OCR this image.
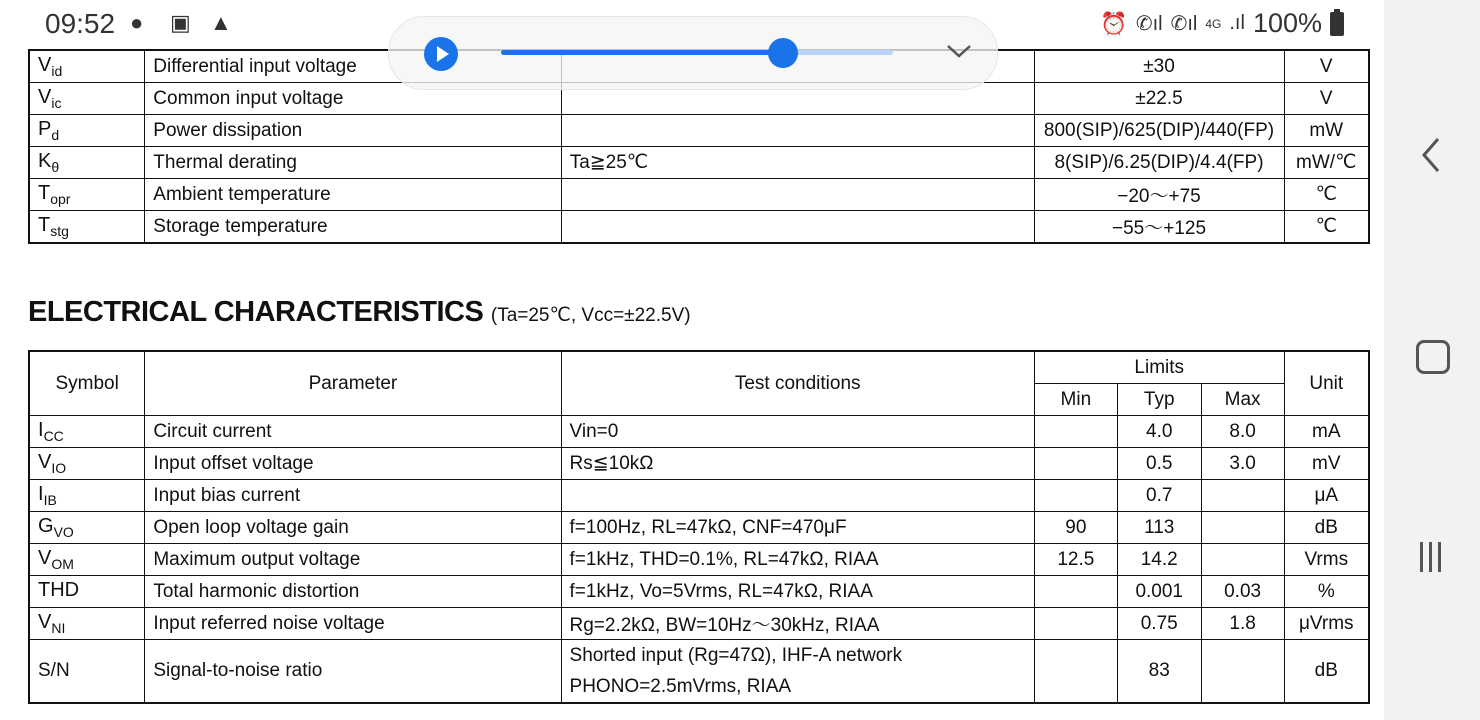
09:52 ● ▣ ▲	⏰ ✆ıl ✆ıl 4G .ıl 100%
$V_{id}$	Differential input voltage		±30	V
$V_{ic}$	Common input voltage		±22.5	V
$P_d$	Power dissipation		800(SIP)/625(DIP)/440(FP)	mW
$K_\theta$	Thermal derating	Ta≧25℃	8(SIP)/6.25(DIP)/4.4(FP)	mW/℃
$T_{opr}$	Ambient temperature		−20～+75	℃
$T_{stg}$	Storage temperature		−55～+125	℃
ELECTRICAL CHARACTERISTICS (Ta=25℃, Vcc=±22.5V)
Symbol	Parameter	Test conditions	Limits			Unit
			Min	Typ	Max	
$I_{CC}$	Circuit current	Vin=0		4.0	8.0	mA
$V_{IO}$	Input offset voltage	Rs≦10kΩ		0.5	3.0	mV
$I_{IB}$	Input bias current			0.7		μA
$G_{VO}$	Open loop voltage gain	f=100Hz, RL=47kΩ, CNF=470μF	90	113		dB
$V_{OM}$	Maximum output voltage	f=1kHz, THD=0.1%, RL=47kΩ, RIAA	12.5	14.2		Vrms
THD	Total harmonic distortion	f=1kHz, Vo=5Vrms, RL=47kΩ, RIAA		0.001	0.03	%
$V_{NI}$	Input referred noise voltage	Rg=2.2kΩ, BW=10Hz～30kHz, RIAA		0.75	1.8	μVrms
S/N	Signal-to-noise ratio	Shorted input (Rg=47Ω), IHF-A network
PHONO=2.5mVrms, RIAA		83		dB
